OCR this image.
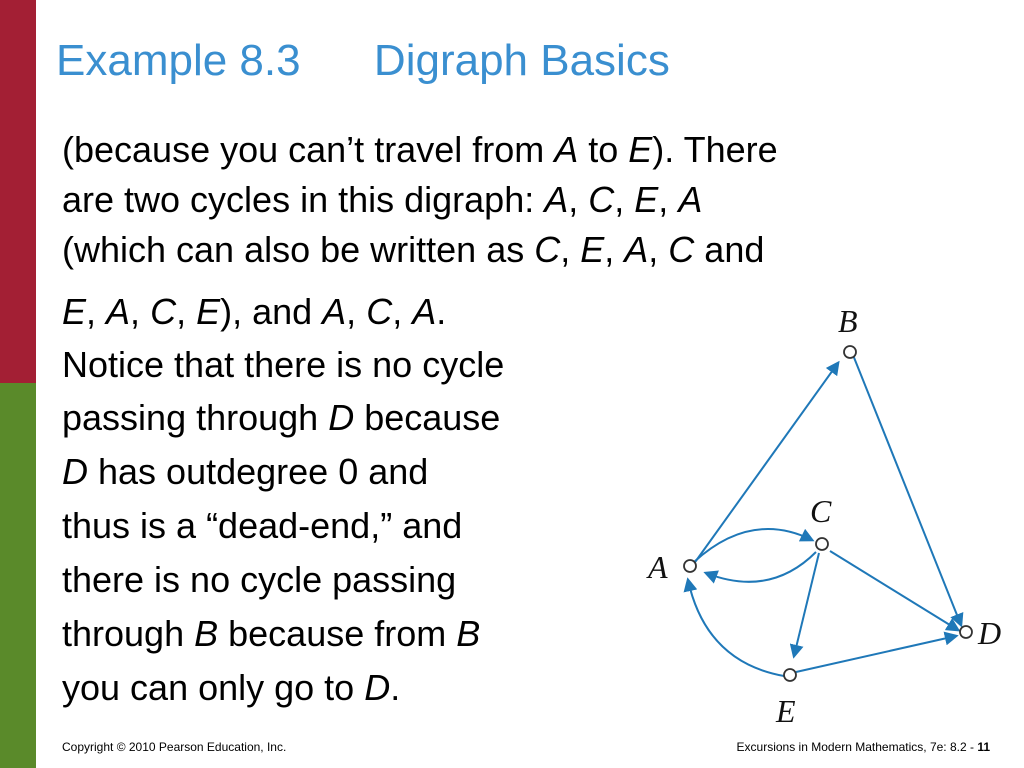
Example 8.3      Digraph Basics
(because you can’t travel from A to E). There
are two cycles in this digraph: A, C, E, A
(which can also be written as C, E, A, C and
E, A, C, E), and A, C, A.
Notice that there is no cycle
passing through D because
D has outdegree 0 and
thus is a “dead-end,” and
there is no cycle passing
through B because from B
you can only go to D.
B
C
A
D
E
Copyright © 2010 Pearson Education, Inc.	Excursions in Modern Mathematics, 7e: 8.2 - 11
